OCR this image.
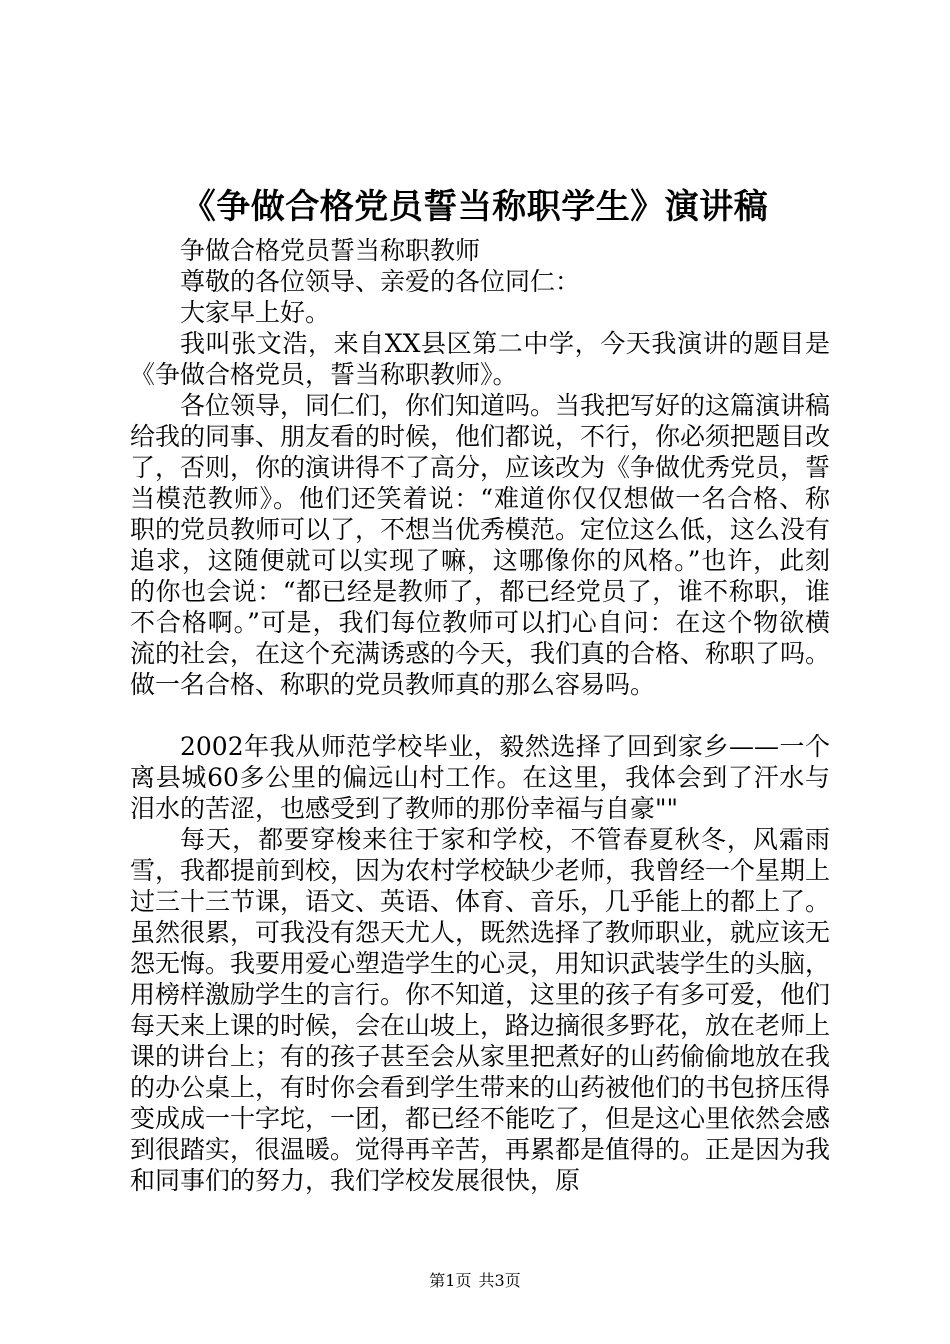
《争做合格党员誓当称职学生》演讲稿

争做合格党员誓当称职教师

尊敬的各位领导、亲爱的各位同仁：

大家早上好。

我叫张文浩，来自XX县区第二中学，今天我演讲的题目是《争做合格党员，誓当称职教师》。

各位领导，同仁们，你们知道吗。当我把写好的这篇演讲稿给我的同事、朋友看的时候，他们都说，不行，你必须把题目改了，否则，你的演讲得不了高分，应该改为《争做优秀党员，誓当模范教师》。他们还笑着说：“难道你仅仅想做一名合格、称职的党员教师可以了，不想当优秀模范。定位这么低，这么没有追求，这随便就可以实现了嘛，这哪像你的风格。”也许，此刻的你也会说：“都已经是教师了，都已经党员了，谁不称职，谁不合格啊。”可是，我们每位教师可以扪心自问：在这个物欲横流的社会，在这个充满诱惑的今天，我们真的合格、称职了吗。做一名合格、称职的党员教师真的那么容易吗。

2002年我从师范学校毕业，毅然选择了回到家乡——一个离县城60多公里的偏远山村工作。在这里，我体会到了汗水与泪水的苦涩，也感受到了教师的那份幸福与自豪""

每天，都要穿梭来往于家和学校，不管春夏秋冬，风霜雨雪，我都提前到校，因为农村学校缺少老师，我曾经一个星期上过三十三节课，语文、英语、体育、音乐，几乎能上的都上了。虽然很累，可我没有怨天尤人，既然选择了教师职业，就应该无怨无悔。我要用爱心塑造学生的心灵，用知识武装学生的头脑，用榜样激励学生的言行。你不知道，这里的孩子有多可爱，他们每天来上课的时候，会在山坡上，路边摘很多野花，放在老师上课的讲台上；有的孩子甚至会从家里把煮好的山药偷偷地放在我的办公桌上，有时你会看到学生带来的山药被他们的书包挤压得变成成一十字坨，一团，都已经不能吃了，但是这心里依然会感到很踏实，很温暖。觉得再辛苦，再累都是值得的。正是因为我和同事们的努力，我们学校发展很快，原

第1页 共3页
